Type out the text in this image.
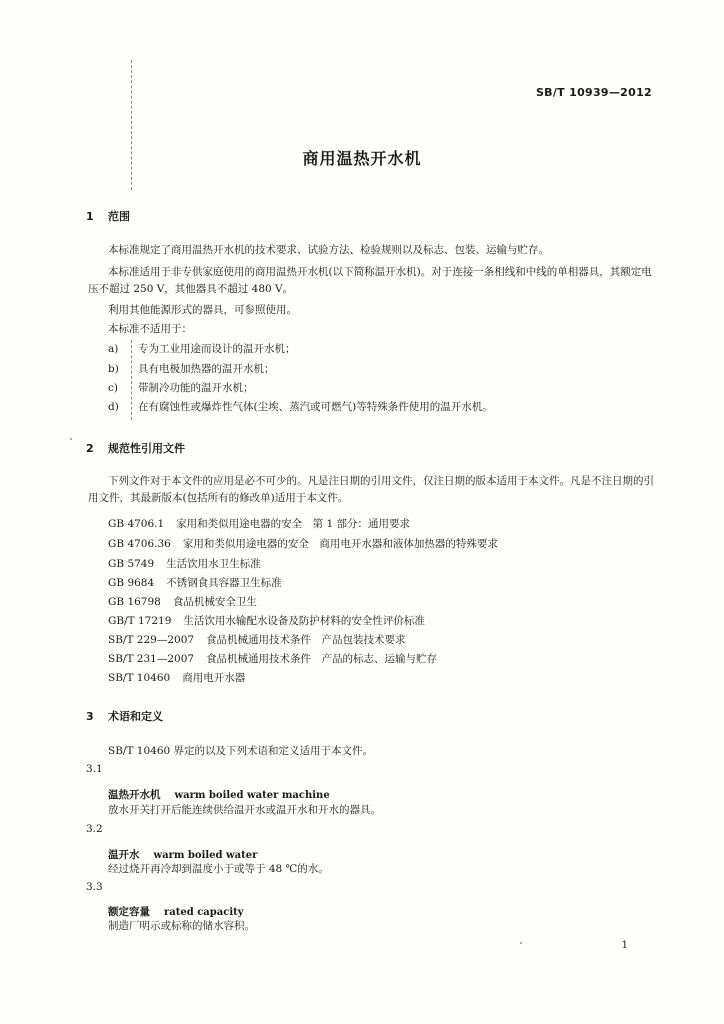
SB/T 10939—2012
商用温热开水机
1 范围
本标准规定了商用温热开水机的技术要求、试验方法、检验规则以及标志、包装、运输与贮存。
本标准适用于非专供家庭使用的商用温热开水机(以下简称温开水机)。对于连接一条相线和中线的单相器具，其额定电压不超过 250 V，其他器具不超过 480 V。
利用其他能源形式的器具，可参照使用。
本标准不适用于：
a) 专为工业用途而设计的温开水机；
b) 具有电极加热器的温开水机；
c) 带制冷功能的温开水机；
d) 在有腐蚀性或爆炸性气体(尘埃、蒸汽或可燃气)等特殊条件使用的温开水机。
2 规范性引用文件
下列文件对于本文件的应用是必不可少的。凡是注日期的引用文件，仅注日期的版本适用于本文件。凡是不注日期的引用文件，其最新版本(包括所有的修改单)适用于本文件。
GB 4706.1 家用和类似用途电器的安全　第 1 部分：通用要求
GB 4706.36 家用和类似用途电器的安全　商用电开水器和液体加热器的特殊要求
GB 5749 生活饮用水卫生标准
GB 9684 不锈钢食具容器卫生标准
GB 16798 食品机械安全卫生
GB/T 17219 生活饮用水输配水设备及防护材料的安全性评价标准
SB/T 229—2007 食品机械通用技术条件　产品包装技术要求
SB/T 231—2007 食品机械通用技术条件　产品的标志、运输与贮存
SB/T 10460 商用电开水器
3 术语和定义
SB/T 10460 界定的以及下列术语和定义适用于本文件。
3.1
温热开水机 warm boiled water machine
放水开关打开后能连续供给温开水或温开水和开水的器具。
3.2
温开水 warm boiled water
经过烧开再冷却到温度小于或等于 48 ℃的水。
3.3
额定容量 rated capacity
制造厂明示或标称的储水容积。
1
